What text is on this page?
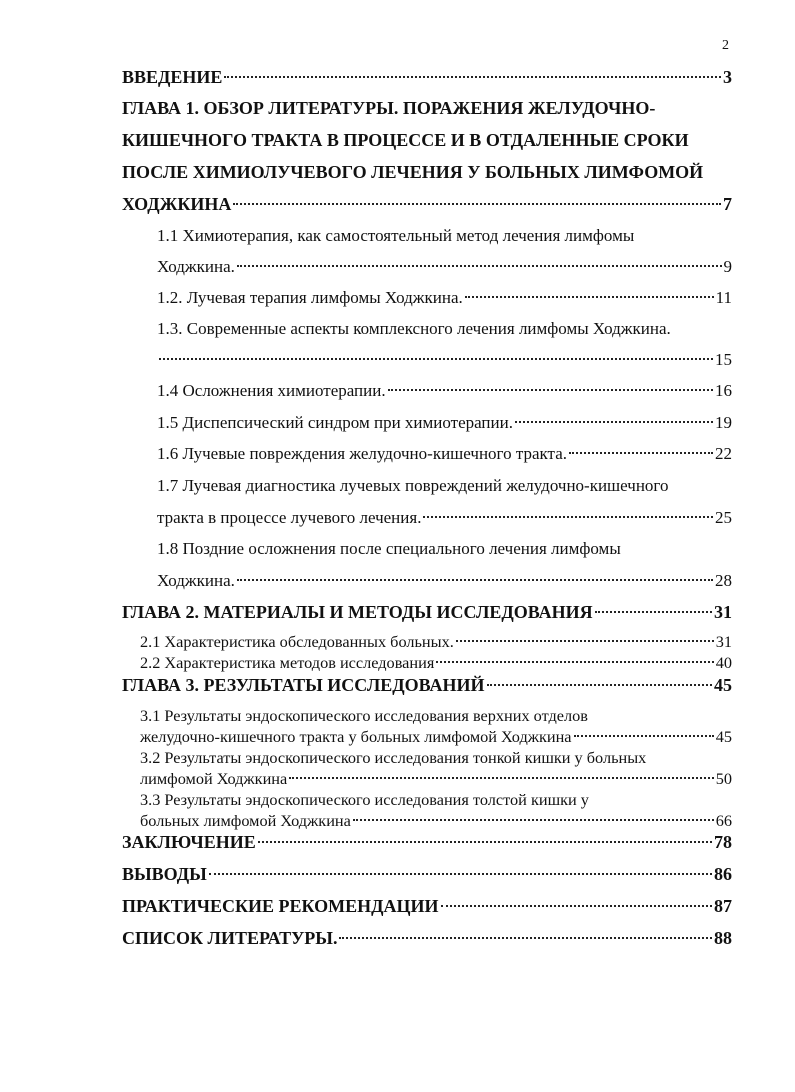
2
ВВЕДЕНИЕ	3
ГЛАВА 1. ОБЗОР ЛИТЕРАТУРЫ. ПОРАЖЕНИЯ ЖЕЛУДОЧНО-
КИШЕЧНОГО ТРАКТА В ПРОЦЕССЕ И В ОТДАЛЕННЫЕ СРОКИ
ПОСЛЕ ХИМИОЛУЧЕВОГО ЛЕЧЕНИЯ У БОЛЬНЫХ ЛИМФОМОЙ
ХОДЖКИНА	7
1.1 Химиотерапия, как самостоятельный метод лечения лимфомы
Ходжкина.	9
1.2. Лучевая терапия лимфомы Ходжкина.	11
1.3. Современные аспекты комплексного лечения лимфомы Ходжкина.
15
1.4 Осложнения химиотерапии.	16
1.5 Диспепсический синдром при химиотерапии.	19
1.6 Лучевые повреждения желудочно-кишечного тракта.	22
1.7 Лучевая диагностика лучевых повреждений желудочно-кишечного
тракта в процессе лучевого лечения.	25
1.8 Поздние осложнения после специального лечения лимфомы
Ходжкина.	28
ГЛАВА 2. МАТЕРИАЛЫ И МЕТОДЫ ИССЛЕДОВАНИЯ	31
2.1 Характеристика обследованных больных.	31
2.2 Характеристика методов исследования	40
ГЛАВА 3. РЕЗУЛЬТАТЫ ИССЛЕДОВАНИЙ	45
3.1 Результаты эндоскопического исследования верхних отделов
желудочно-кишечного тракта у больных лимфомой Ходжкина	45
3.2 Результаты эндоскопического исследования тонкой кишки у больных
лимфомой Ходжкина	50
3.3 Результаты эндоскопического исследования толстой кишки у
больных лимфомой Ходжкина	66
ЗАКЛЮЧЕНИЕ	78
ВЫВОДЫ	86
ПРАКТИЧЕСКИЕ РЕКОМЕНДАЦИИ	87
СПИСОК ЛИТЕРАТУРЫ.	88
